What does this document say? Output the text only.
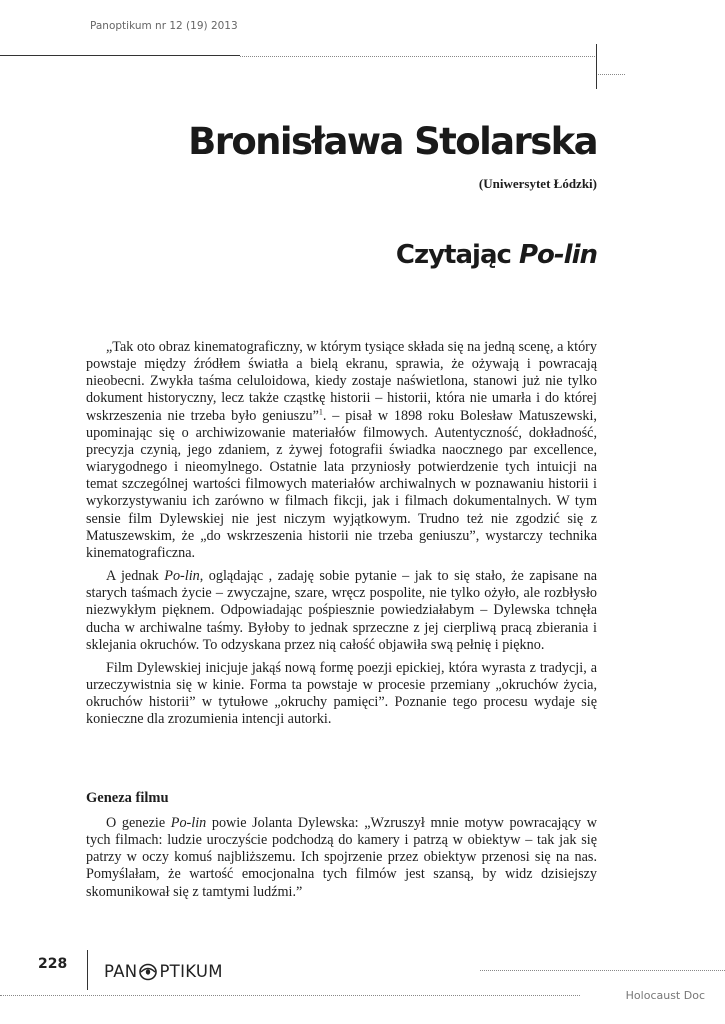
Panoptikum nr 12 (19) 2013
Bronisława Stolarska
(Uniwersytet Łódzki)
Czytając Po-lin

„Tak oto obraz kinematograficzny, w którym tysiące składa się na jedną scenę, a który powstaje między źródłem światła a bielą ekranu, sprawia, że ożywają i powracają nieobecni. Zwykła taśma celuloidowa, kiedy zostaje naświetlona, stanowi już nie tylko dokument historyczny, lecz także cząstkę historii – historii, która nie umarła i do której wskrzeszenia nie trzeba było geniuszu”$^1$. – pisał w 1898 roku Bolesław Matuszewski, upominając się o archiwizowanie materiałów filmowych. Autentyczność, dokładność, precyzja czynią, jego zdaniem, z żywej fotografii świadka naocznego par excellence, wiarygodnego i nieomylnego. Ostatnie lata przyniosły potwierdzenie tych intuicji na temat szczególnej wartości filmowych materiałów archiwalnych w poznawaniu historii i wykorzystywaniu ich zarówno w filmach fikcji, jak i filmach dokumentalnych. W tym sensie film Dylewskiej nie jest niczym wyjątkowym. Trudno też nie zgodzić się z Matuszewskim, że „do wskrzeszenia historii nie trzeba geniuszu”, wystarczy technika kinematograficzna.

A jednak Po-lin, oglądając , zadaję sobie pytanie – jak to się stało, że zapisane na starych taśmach życie – zwyczajne, szare, wręcz pospolite, nie tylko ożyło, ale rozbłysło niezwykłym pięknem. Odpowiadając pośpiesznie powiedziałabym – Dylewska tchnęła ducha w archiwalne taśmy. Byłoby to jednak sprzeczne z jej cierpliwą pracą zbierania i sklejania okruchów. To odzyskana przez nią całość objawiła swą pełnię i piękno.

Film Dylewskiej inicjuje jakąś nową formę poezji epickiej, która wyrasta z tradycji, a urzeczywistnia się w kinie. Forma ta powstaje w procesie przemiany „okruchów życia, okruchów historii” w tytułowe „okruchy pamięci”. Poznanie tego procesu wydaje się konieczne dla zrozumienia intencji autorki.

Geneza filmu

O genezie Po-lin powie Jolanta Dylewska: „Wzruszył mnie motyw powracający w tych filmach: ludzie uroczyście podchodzą do kamery i patrzą w obiektyw – tak jak się patrzy w oczy komuś najbliższemu. Ich spojrzenie przez obiektyw przenosi się na nas. Pomyślałam, że wartość emocjonalna tych filmów jest szansą, by widz dzisiejszy skomunikował się z tamtymi ludźmi.”

228 PAN PTIKUM
Holocaust Doc
